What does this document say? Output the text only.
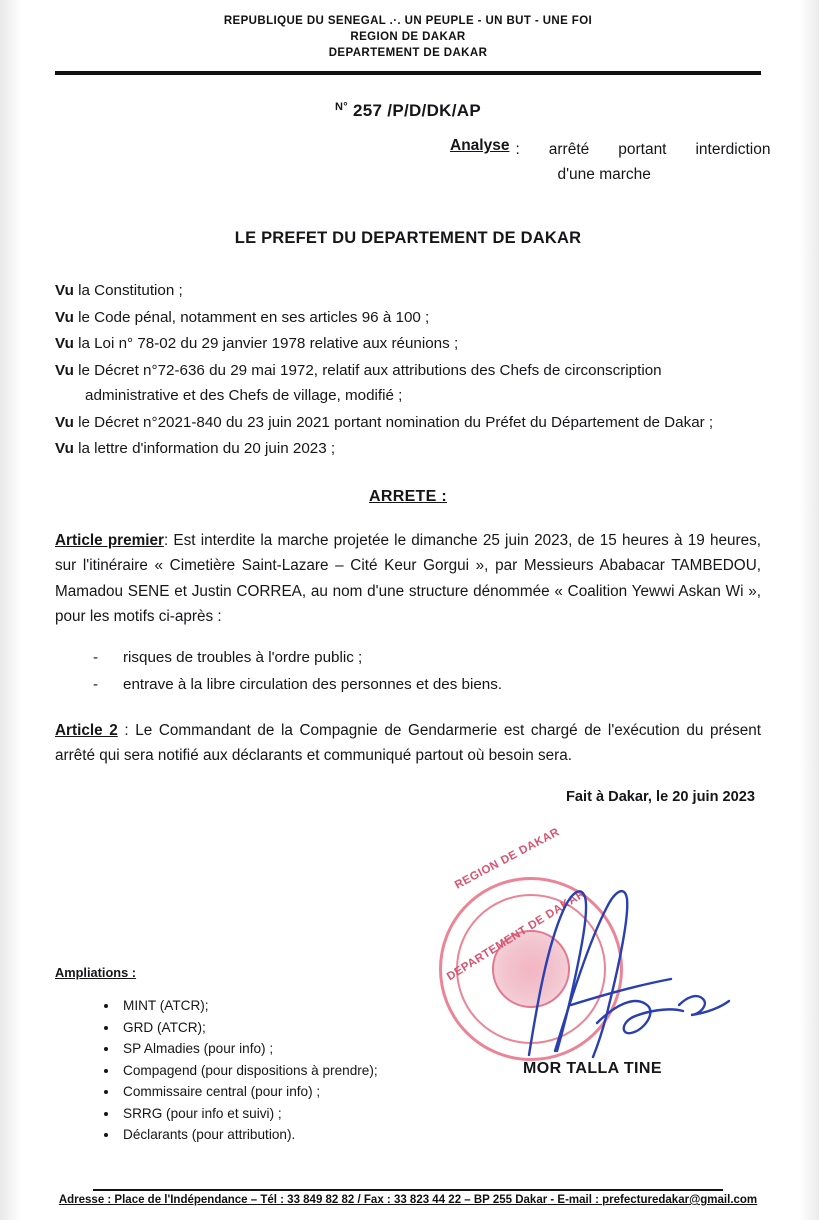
REPUBLIQUE DU SENEGAL .·. UN PEUPLE - UN BUT - UNE FOI
REGION DE DAKAR
DEPARTEMENT DE DAKAR
$^{N^\circ}$ 257 /P/D/DK/AP
Analyse : arrêté portant interdiction
d'une marche
LE PREFET DU DEPARTEMENT DE DAKAR
Vu la Constitution ;
Vu le Code pénal, notamment en ses articles 96 à 100 ;
Vu la Loi n° 78-02 du 29 janvier 1978 relative aux réunions ;
Vu le Décret n°72-636 du 29 mai 1972, relatif aux attributions des Chefs de circonscription
administrative et des Chefs de village, modifié ;
Vu le Décret n°2021-840 du 23 juin 2021 portant nomination du Préfet du Département de Dakar ;
Vu la lettre d'information du 20 juin 2023 ;
ARRETE :
Article premier: Est interdite la marche projetée le dimanche 25 juin 2023, de 15 heures à 19 heures, sur l'itinéraire « Cimetière Saint-Lazare – Cité Keur Gorgui », par Messieurs Ababacar TAMBEDOU, Mamadou SENE et Justin CORREA, au nom d'une structure dénommée « Coalition Yewwi Askan Wi », pour les motifs ci-après :
- risques de troubles à l'ordre public ;
- entrave à la libre circulation des personnes et des biens.
Article 2 : Le Commandant de la Compagnie de Gendarmerie est chargé de l'exécution du présent arrêté qui sera notifié aux déclarants et communiqué partout où besoin sera.
Fait à Dakar, le 20 juin 2023
REGION DE DAKAR
DEPARTEMENT DE DAKAR
MOR TALLA TINE
Ampliations :
• MINT (ATCR);
• GRD (ATCR);
• SP Almadies (pour info) ;
• Compagend (pour dispositions à prendre);
• Commissaire central (pour info) ;
• SRRG (pour info et suivi) ;
• Déclarants (pour attribution).
Adresse : Place de l'Indépendance – Tél : 33 849 82 82 / Fax : 33 823 44 22 – BP 255 Dakar - E-mail : prefecturedakar@gmail.com
